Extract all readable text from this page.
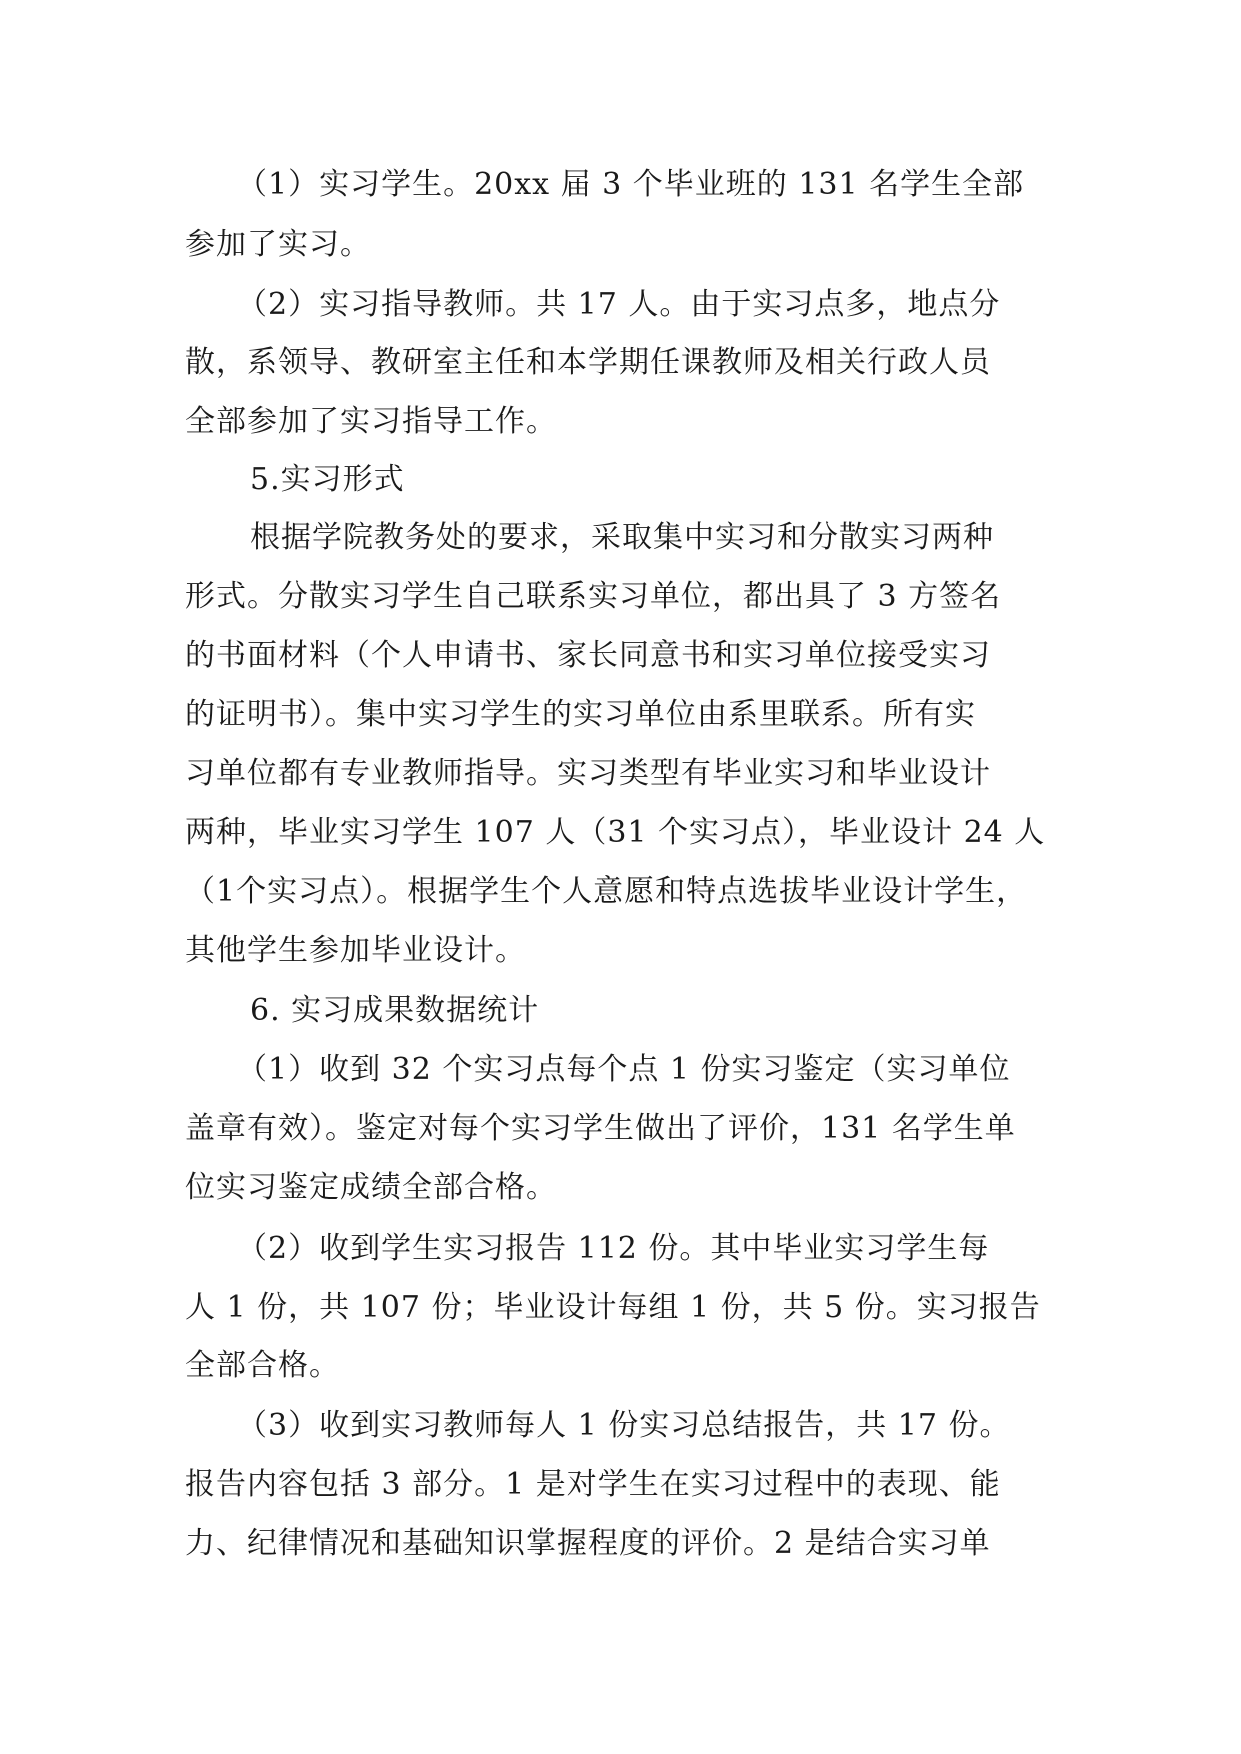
（1）实习学生。20xx 届 3 个毕业班的 131 名学生全部

参加了实习。

（2）实习指导教师。共 17 人。由于实习点多，地点分

散，系领导、教研室主任和本学期任课教师及相关行政人员

全部参加了实习指导工作。

5.实习形式

根据学院教务处的要求，采取集中实习和分散实习两种

形式。分散实习学生自己联系实习单位，都出具了 3 方签名

的书面材料（个人申请书、家长同意书和实习单位接受实习

的证明书）。集中实习学生的实习单位由系里联系。所有实

习单位都有专业教师指导。实习类型有毕业实习和毕业设计

两种，毕业实习学生 107 人（31 个实习点），毕业设计 24 人

（1个实习点）。根据学生个人意愿和特点选拔毕业设计学生，

其他学生参加毕业设计。

6. 实习成果数据统计

（1）收到 32 个实习点每个点 1 份实习鉴定（实习单位

盖章有效）。鉴定对每个实习学生做出了评价，131 名学生单

位实习鉴定成绩全部合格。

（2）收到学生实习报告 112 份。其中毕业实习学生每

人 1 份，共 107 份；毕业设计每组 1 份，共 5 份。实习报告

全部合格。

（3）收到实习教师每人 1 份实习总结报告，共 17 份。

报告内容包括 3 部分。1 是对学生在实习过程中的表现、能

力、纪律情况和基础知识掌握程度的评价。2 是结合实习单
